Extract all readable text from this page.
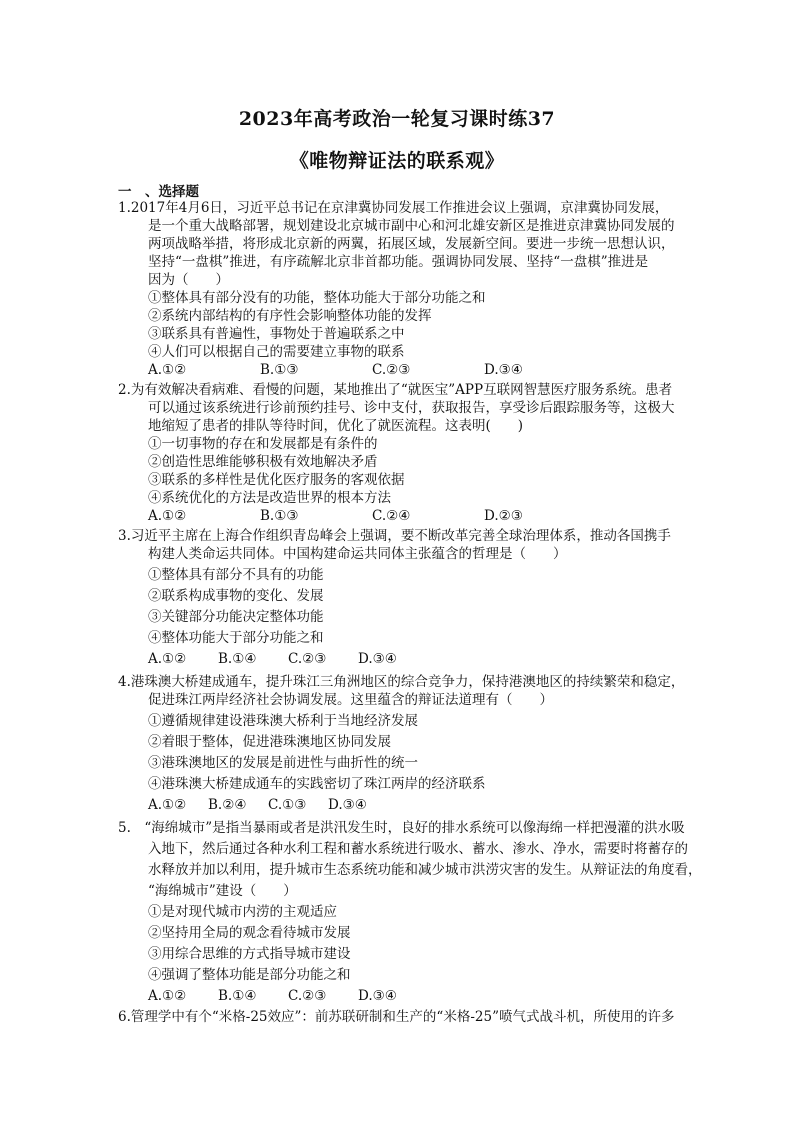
2023年高考政治一轮复习课时练37
《唯物辩证法的联系观》
一　、选择题
1.2017年4月6日，习近平总书记在京津冀协同发展工作推进会议上强调，京津冀协同发展，
是一个重大战略部署，规划建设北京城市副中心和河北雄安新区是推进京津冀协同发展的
两项战略举措，将形成北京新的两翼，拓展区域，发展新空间。要进一步统一思想认识，
坚持“一盘棋”推进，有序疏解北京非首都功能。强调协同发展、坚持“一盘棋”推进是
因为（　　）
①整体具有部分没有的功能，整体功能大于部分功能之和
②系统内部结构的有序性会影响整体功能的发挥
③联系具有普遍性，事物处于普遍联系之中
④人们可以根据自己的需要建立事物的联系
A.①②	B.①③	C.②③	D.③④
2.为有效解决看病难、看慢的问题，某地推出了“就医宝”APP互联网智慧医疗服务系统。患者
可以通过该系统进行诊前预约挂号、诊中支付，获取报告，享受诊后跟踪服务等，这极大
地缩短了患者的排队等待时间，优化了就医流程。这表明(　　)
①一切事物的存在和发展都是有条件的
②创造性思维能够积极有效地解决矛盾
③联系的多样性是优化医疗服务的客观依据
④系统优化的方法是改造世界的根本方法
A.①②	B.①③	C.②④	D.②③
3.习近平主席在上海合作组织青岛峰会上强调，要不断改革完善全球治理体系，推动各国携手
构建人类命运共同体。中国构建命运共同体主张蕴含的哲理是（　　）
①整体具有部分不具有的功能
②联系构成事物的变化、发展
③关键部分功能决定整体功能
④整体功能大于部分功能之和
A.①②	B.①④	C.②③	D.③④
4.港珠澳大桥建成通车，提升珠江三角洲地区的综合竞争力，保持港澳地区的持续繁荣和稳定，
促进珠江两岸经济社会协调发展。这里蕴含的辩证法道理有（　　）
①遵循规律建设港珠澳大桥利于当地经济发展
②着眼于整体，促进港珠澳地区协同发展
③港珠澳地区的发展是前进性与曲折性的统一
④港珠澳大桥建成通车的实践密切了珠江两岸的经济联系
A.①②	B.②④	C.①③	D.③④
5.　“海绵城市”是指当暴雨或者是洪汛发生时，良好的排水系统可以像海绵一样把漫灌的洪水吸
入地下，然后通过各种水利工程和蓄水系统进行吸水、蓄水、渗水、净水，需要时将蓄存的
水释放并加以利用，提升城市生态系统功能和减少城市洪涝灾害的发生。从辩证法的角度看，
“海绵城市”建设（　　）
①是对现代城市内涝的主观适应
②坚持用全局的观念看待城市发展
③用综合思维的方式指导城市建设
④强调了整体功能是部分功能之和
A.①②	B.①④	C.②③	D.③④
6.管理学中有个“米格-25效应”：前苏联研制和生产的“米格-25”喷气式战斗机，所使用的许多
